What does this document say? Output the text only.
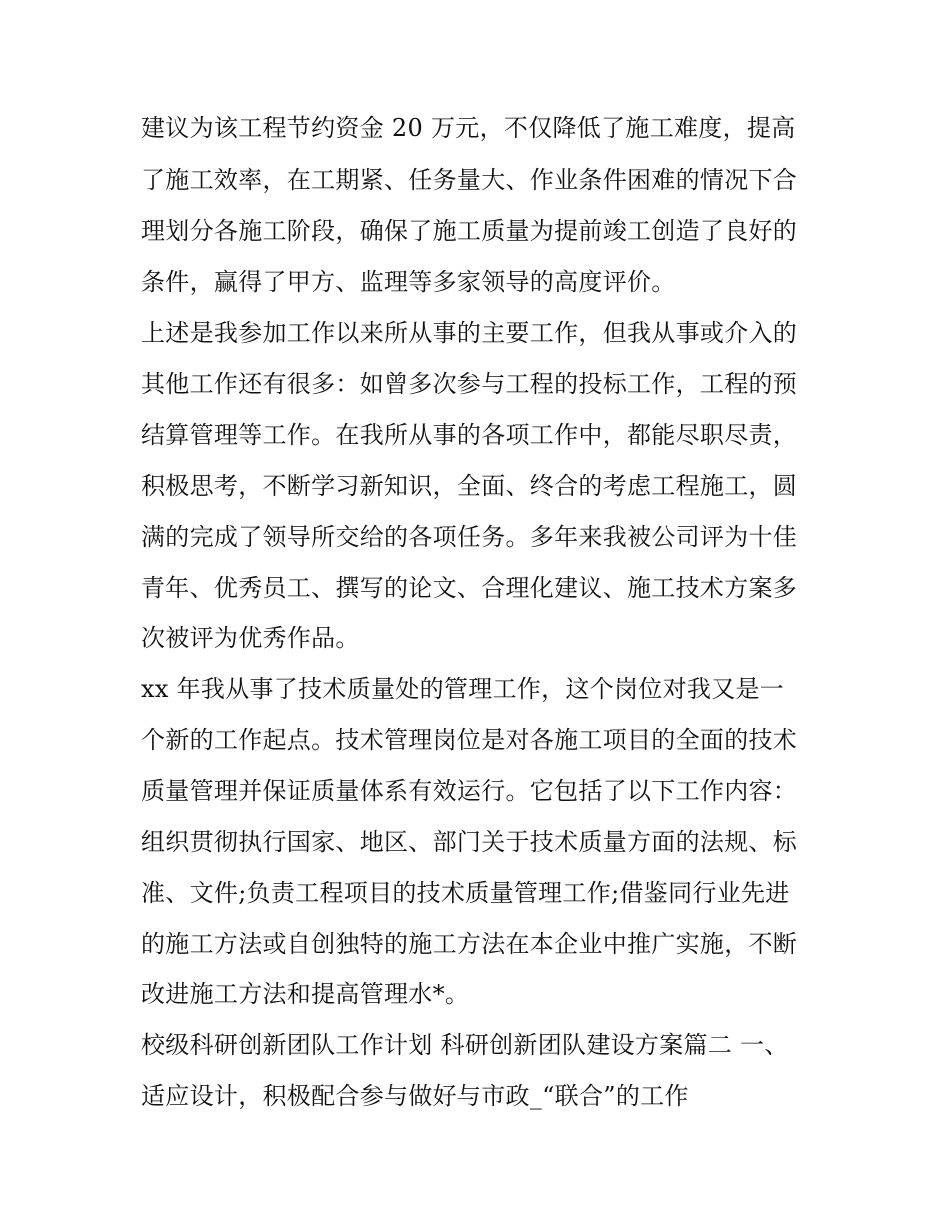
建议为该工程节约资金 20 万元，不仅降低了施工难度，提高
了施工效率，在工期紧、任务量大、作业条件困难的情况下合
理划分各施工阶段，确保了施工质量为提前竣工创造了良好的
条件，赢得了甲方、监理等多家领导的高度评价。
上述是我参加工作以来所从事的主要工作，但我从事或介入的
其他工作还有很多：如曾多次参与工程的投标工作，工程的预
结算管理等工作。在我所从事的各项工作中，都能尽职尽责，
积极思考，不断学习新知识，全面、终合的考虑工程施工，圆
满的完成了领导所交给的各项任务。多年来我被公司评为十佳
青年、优秀员工、撰写的论文、合理化建议、施工技术方案多
次被评为优秀作品。
xx 年我从事了技术质量处的管理工作，这个岗位对我又是一
个新的工作起点。技术管理岗位是对各施工项目的全面的技术
质量管理并保证质量体系有效运行。它包括了以下工作内容：
组织贯彻执行国家、地区、部门关于技术质量方面的法规、标
准、文件;负责工程项目的技术质量管理工作;借鉴同行业先进
的施工方法或自创独特的施工方法在本企业中推广实施，不断
改进施工方法和提高管理水*。
校级科研创新团队工作计划 科研创新团队建设方案篇二 一、
适应设计，积极配合参与做好与市政_“联合”的工作
